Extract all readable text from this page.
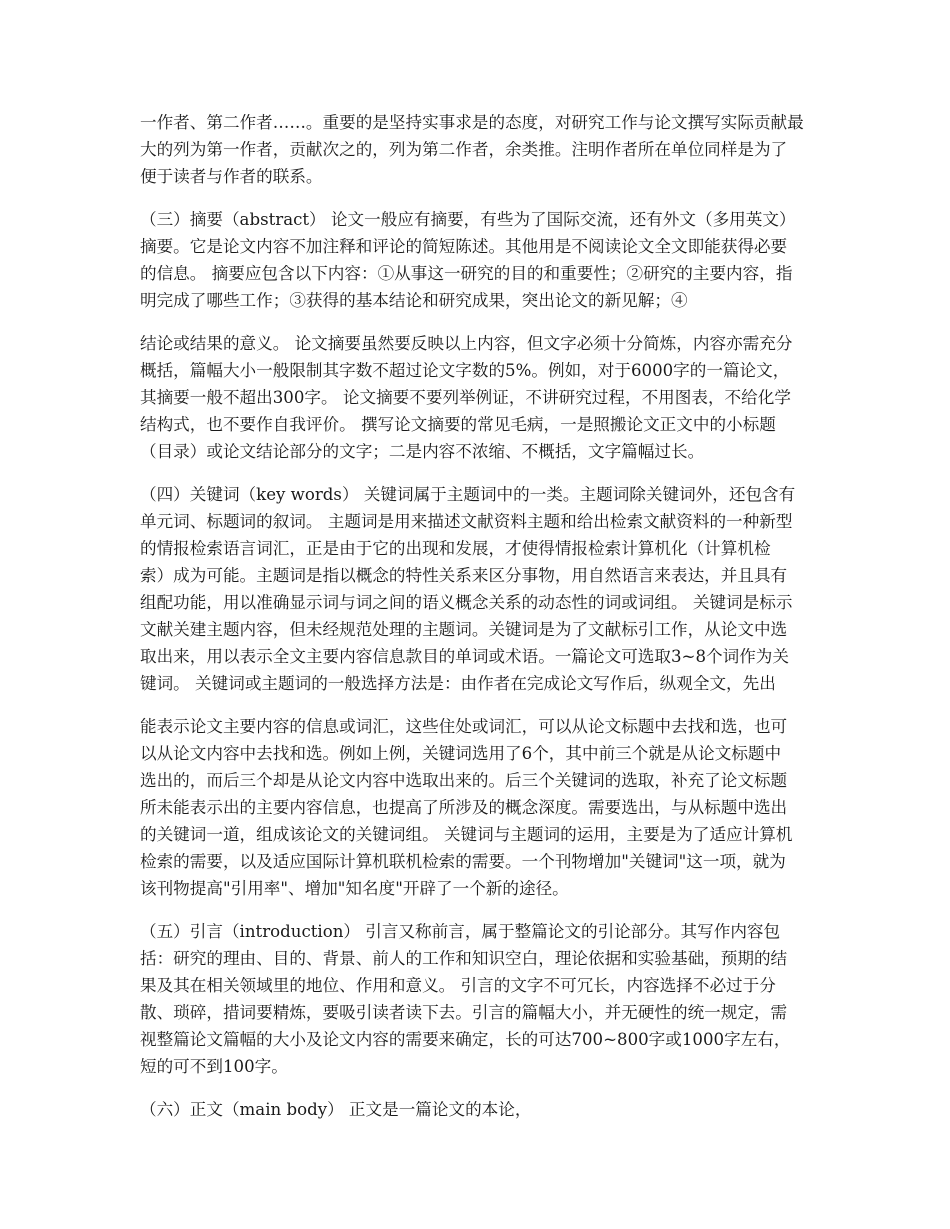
一作者、第二作者……。重要的是坚持实事求是的态度，对研究工作与论文撰写实际贡献最
大的列为第一作者，贡献次之的，列为第二作者，余类推。注明作者所在单位同样是为了
便于读者与作者的联系。
（三）摘要（abstract） 论文一般应有摘要，有些为了国际交流，还有外文（多用英文）
摘要。它是论文内容不加注释和评论的简短陈述。其他用是不阅读论文全文即能获得必要
的信息。 摘要应包含以下内容：①从事这一研究的目的和重要性；②研究的主要内容，指
明完成了哪些工作；③获得的基本结论和研究成果，突出论文的新见解；④
结论或结果的意义。 论文摘要虽然要反映以上内容，但文字必须十分简炼，内容亦需充分
概括，篇幅大小一般限制其字数不超过论文字数的5%。例如，对于6000字的一篇论文，
其摘要一般不超出300字。 论文摘要不要列举例证，不讲研究过程，不用图表，不给化学
结构式，也不要作自我评价。 撰写论文摘要的常见毛病，一是照搬论文正文中的小标题
（目录）或论文结论部分的文字；二是内容不浓缩、不概括，文字篇幅过长。
（四）关键词（key words） 关键词属于主题词中的一类。主题词除关键词外，还包含有
单元词、标题词的叙词。 主题词是用来描述文献资料主题和给出检索文献资料的一种新型
的情报检索语言词汇，正是由于它的出现和发展，才使得情报检索计算机化（计算机检
索）成为可能。主题词是指以概念的特性关系来区分事物，用自然语言来表达，并且具有
组配功能，用以准确显示词与词之间的语义概念关系的动态性的词或词组。 关键词是标示
文献关建主题内容，但未经规范处理的主题词。关键词是为了文献标引工作，从论文中选
取出来，用以表示全文主要内容信息款目的单词或术语。一篇论文可选取3~8个词作为关
键词。 关键词或主题词的一般选择方法是：由作者在完成论文写作后，纵观全文，先出
能表示论文主要内容的信息或词汇，这些住处或词汇，可以从论文标题中去找和选，也可
以从论文内容中去找和选。例如上例，关键词选用了6个，其中前三个就是从论文标题中
选出的，而后三个却是从论文内容中选取出来的。后三个关键词的选取，补充了论文标题
所未能表示出的主要内容信息，也提高了所涉及的概念深度。需要选出，与从标题中选出
的关键词一道，组成该论文的关键词组。 关键词与主题词的运用，主要是为了适应计算机
检索的需要，以及适应国际计算机联机检索的需要。一个刊物增加"关键词"这一项，就为
该刊物提高"引用率"、增加"知名度"开辟了一个新的途径。
（五）引言（introduction） 引言又称前言，属于整篇论文的引论部分。其写作内容包
括：研究的理由、目的、背景、前人的工作和知识空白，理论依据和实验基础，预期的结
果及其在相关领域里的地位、作用和意义。 引言的文字不可冗长，内容选择不必过于分
散、琐碎，措词要精炼，要吸引读者读下去。引言的篇幅大小，并无硬性的统一规定，需
视整篇论文篇幅的大小及论文内容的需要来确定，长的可达700~800字或1000字左右，
短的可不到100字。
（六）正文（main body） 正文是一篇论文的本论，
